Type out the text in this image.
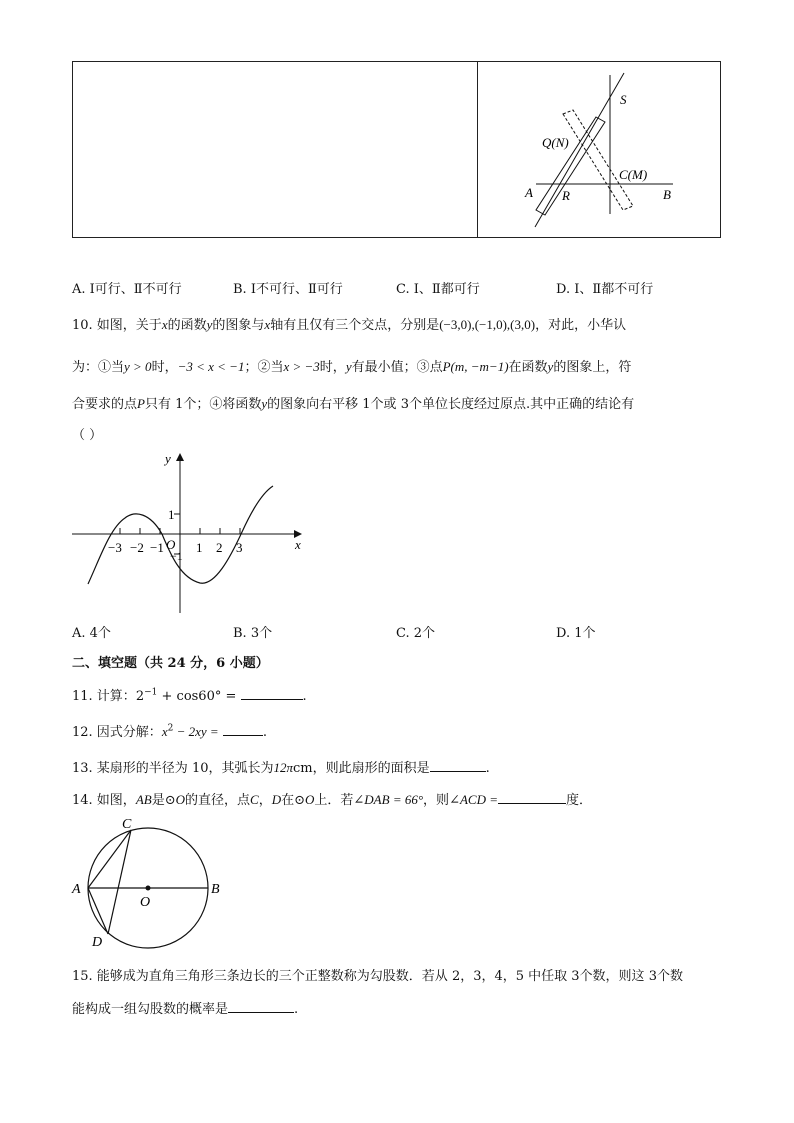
S
Q(N)
C(M)
A R	B
A. Ⅰ可行、Ⅱ不可行	B. Ⅰ不可行、Ⅱ可行	C. Ⅰ、Ⅱ都可行	D. Ⅰ、Ⅱ都不可行
10. 如图，关于x的函数y的图象与x轴有且仅有三个交点，分别是(−3,0),(−1,0),(3,0)，对此，小华认
为：①当y > 0时，−3 < x < −1；②当x > −3时，y有最小值；③点P(m, −m−1)在函数y的图象上，符
合要求的点P只有 1个；④将函数y的图象向右平移 1个或 3个单位长度经过原点.其中正确的结论有
（ ）
y
x
O
1
−1
−3 −2 −1 1 2 3
A. 4个	B. 3个	C. 2个	D. 1个
二、填空题（共 24 分，6 小题）
11. 计算：$2^{-1} + \cos 60^\circ$ =	.
12. 因式分解：$x^2 - 2xy$ =	.
13. 某扇形的半径为 10，其弧长为12πcm，则此扇形的面积是	.
14. 如图，AB是⊙O的直径，点C，D在⊙O上．若∠DAB = 66°，则∠ACD =	度．
C
A
O
B
D
15. 能够成为直角三角形三条边长的三个正整数称为勾股数．若从 2，3，4，5 中任取 3个数，则这 3个数
能构成一组勾股数的概率是	.
